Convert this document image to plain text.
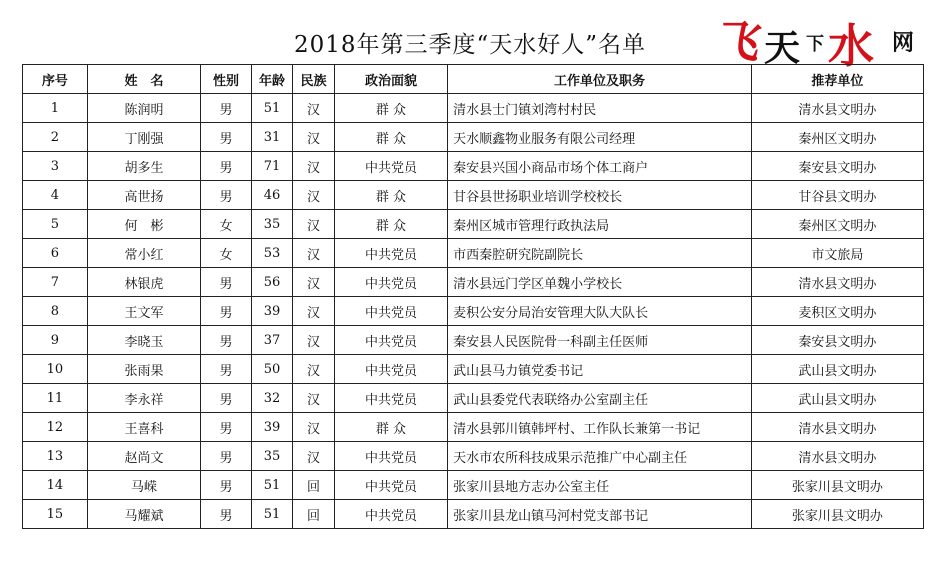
2018年第三季度“天水好人”名单	飞
天 下 水 网
序号	姓　名	性别	年龄	民族	政治面貌	工作单位及职务	推荐单位
1	陈润明	男	51	汉	群 众	清水县士门镇刘湾村村民	清水县文明办
2	丁刚强	男	31	汉	群 众	天水顺鑫物业服务有限公司经理	秦州区文明办
3	胡多生	男	71	汉	中共党员	秦安县兴国小商品市场个体工商户	秦安县文明办
4	高世扬	男	46	汉	群 众	甘谷县世扬职业培训学校校长	甘谷县文明办
5	何　彬	女	35	汉	群 众	秦州区城市管理行政执法局	秦州区文明办
6	常小红	女	53	汉	中共党员	市西秦腔研究院副院长	市文旅局
7	林银虎	男	56	汉	中共党员	清水县远门学区单魏小学校长	清水县文明办
8	王文军	男	39	汉	中共党员	麦积公安分局治安管理大队大队长	麦积区文明办
9	李晓玉	男	37	汉	中共党员	秦安县人民医院骨一科副主任医师	秦安县文明办
10	张雨果	男	50	汉	中共党员	武山县马力镇党委书记	武山县文明办
11	李永祥	男	32	汉	中共党员	武山县委党代表联络办公室副主任	武山县文明办
12	王喜科	男	39	汉	群 众	清水县郭川镇韩坪村、工作队长兼第一书记	清水县文明办
13	赵尚文	男	35	汉	中共党员	天水市农所科技成果示范推广中心副主任	清水县文明办
14	马嵘	男	51	回	中共党员	张家川县地方志办公室主任	张家川县文明办
15	马耀斌	男	51	回	中共党员	张家川县龙山镇马河村党支部书记	张家川县文明办
